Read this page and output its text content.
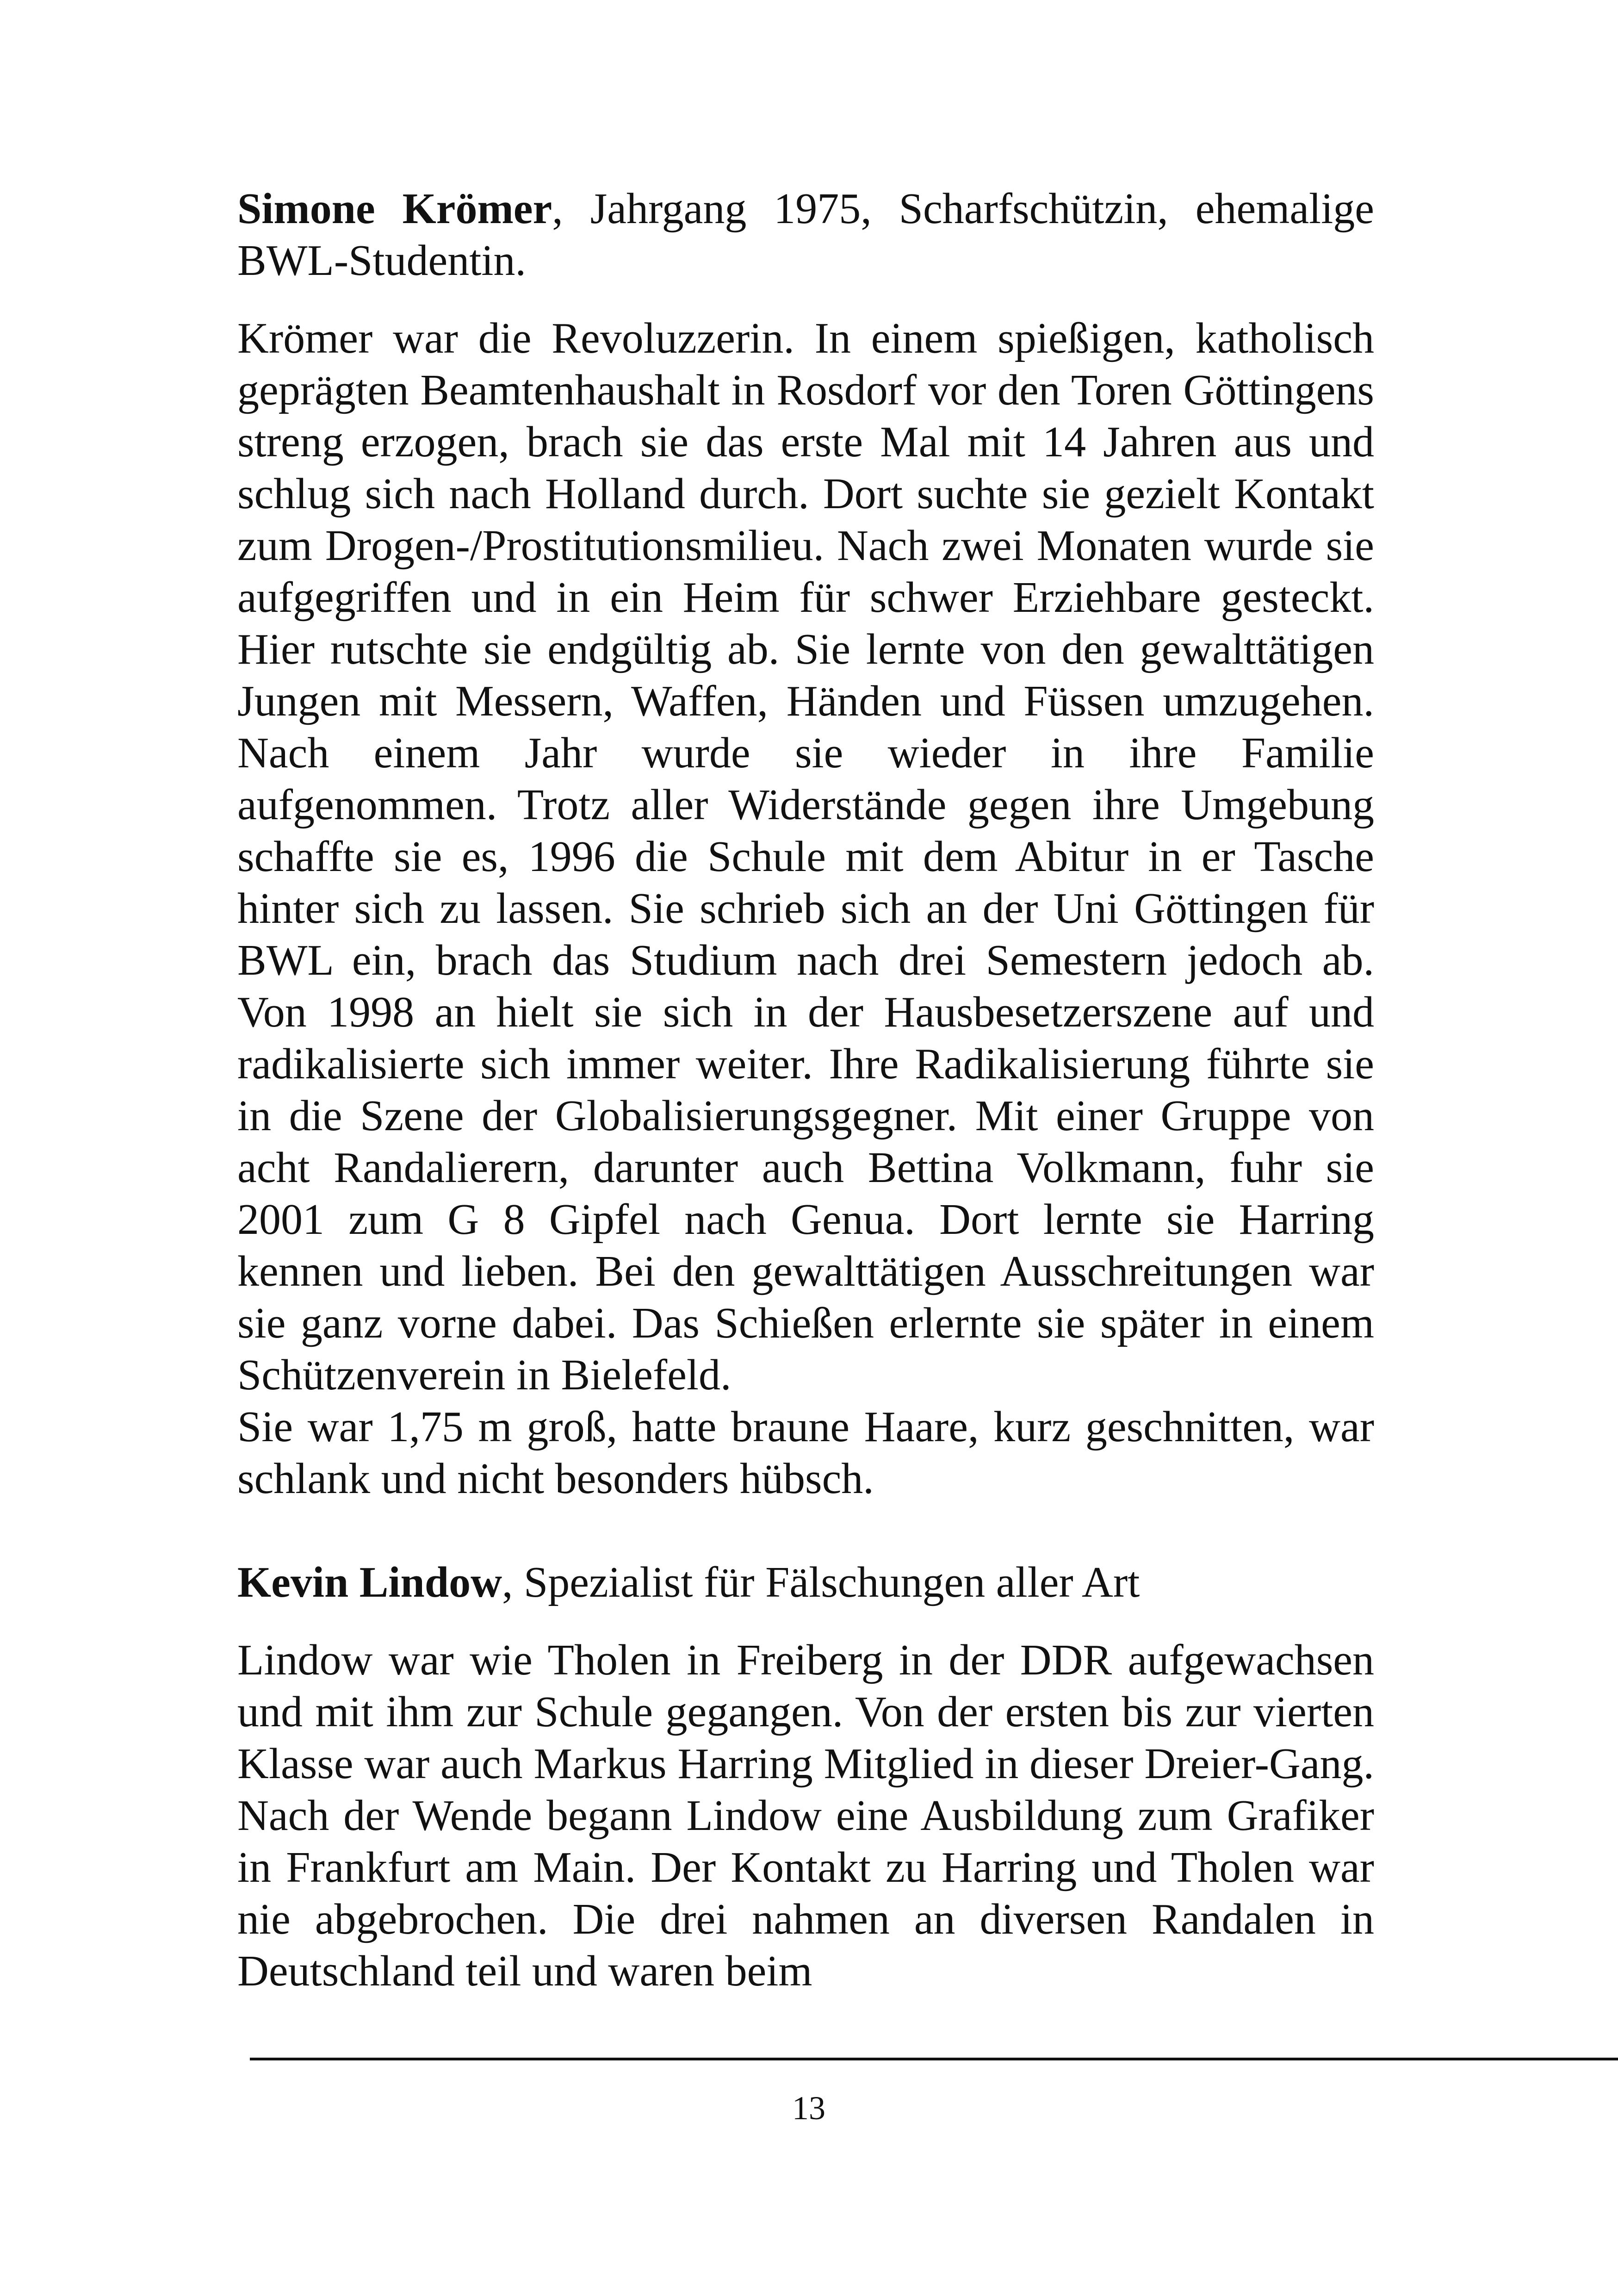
Simone Krömer, Jahrgang 1975, Scharfschützin, ehemalige BWL-Studentin.

Krömer war die Revoluzzerin. In einem spießigen, katholisch geprägten Beamtenhaushalt in Rosdorf vor den Toren Göttingens streng erzogen, brach sie das erste Mal mit 14 Jahren aus und schlug sich nach Holland durch. Dort suchte sie gezielt Kontakt zum Drogen-/Prostitutionsmilieu. Nach zwei Monaten wurde sie aufgegriffen und in ein Heim für schwer Erziehbare gesteckt. Hier rutschte sie endgültig ab. Sie lernte von den gewalttätigen Jungen mit Messern, Waffen, Händen und Füssen umzugehen. Nach einem Jahr wurde sie wieder in ihre Familie aufgenommen. Trotz aller Widerstände gegen ihre Umgebung schaffte sie es, 1996 die Schule mit dem Abitur in er Tasche hinter sich zu lassen. Sie schrieb sich an der Uni Göttingen für BWL ein, brach das Studium nach drei Semestern jedoch ab. Von 1998 an hielt sie sich in der Hausbesetzerszene auf und radikalisierte sich immer weiter. Ihre Radikalisierung führte sie in die Szene der Globalisierungsgegner. Mit einer Gruppe von acht Randalierern, darunter auch Bettina Volkmann, fuhr sie 2001 zum G 8 Gipfel nach Genua. Dort lernte sie Harring kennen und lieben. Bei den gewalttätigen Ausschreitungen war sie ganz vorne dabei. Das Schießen erlernte sie später in einem Schützenverein in Bielefeld.

Sie war 1,75 m groß, hatte braune Haare, kurz geschnitten, war schlank und nicht besonders hübsch.

Kevin Lindow, Spezialist für Fälschungen aller Art

Lindow war wie Tholen in Freiberg in der DDR aufgewachsen und mit ihm zur Schule gegangen. Von der ersten bis zur vierten Klasse war auch Markus Harring Mitglied in dieser Dreier-Gang. Nach der Wende begann Lindow eine Ausbildung zum Grafiker in Frankfurt am Main. Der Kontakt zu Harring und Tholen war nie abgebrochen. Die drei nahmen an diversen Randalen in Deutschland teil und waren beim

13
